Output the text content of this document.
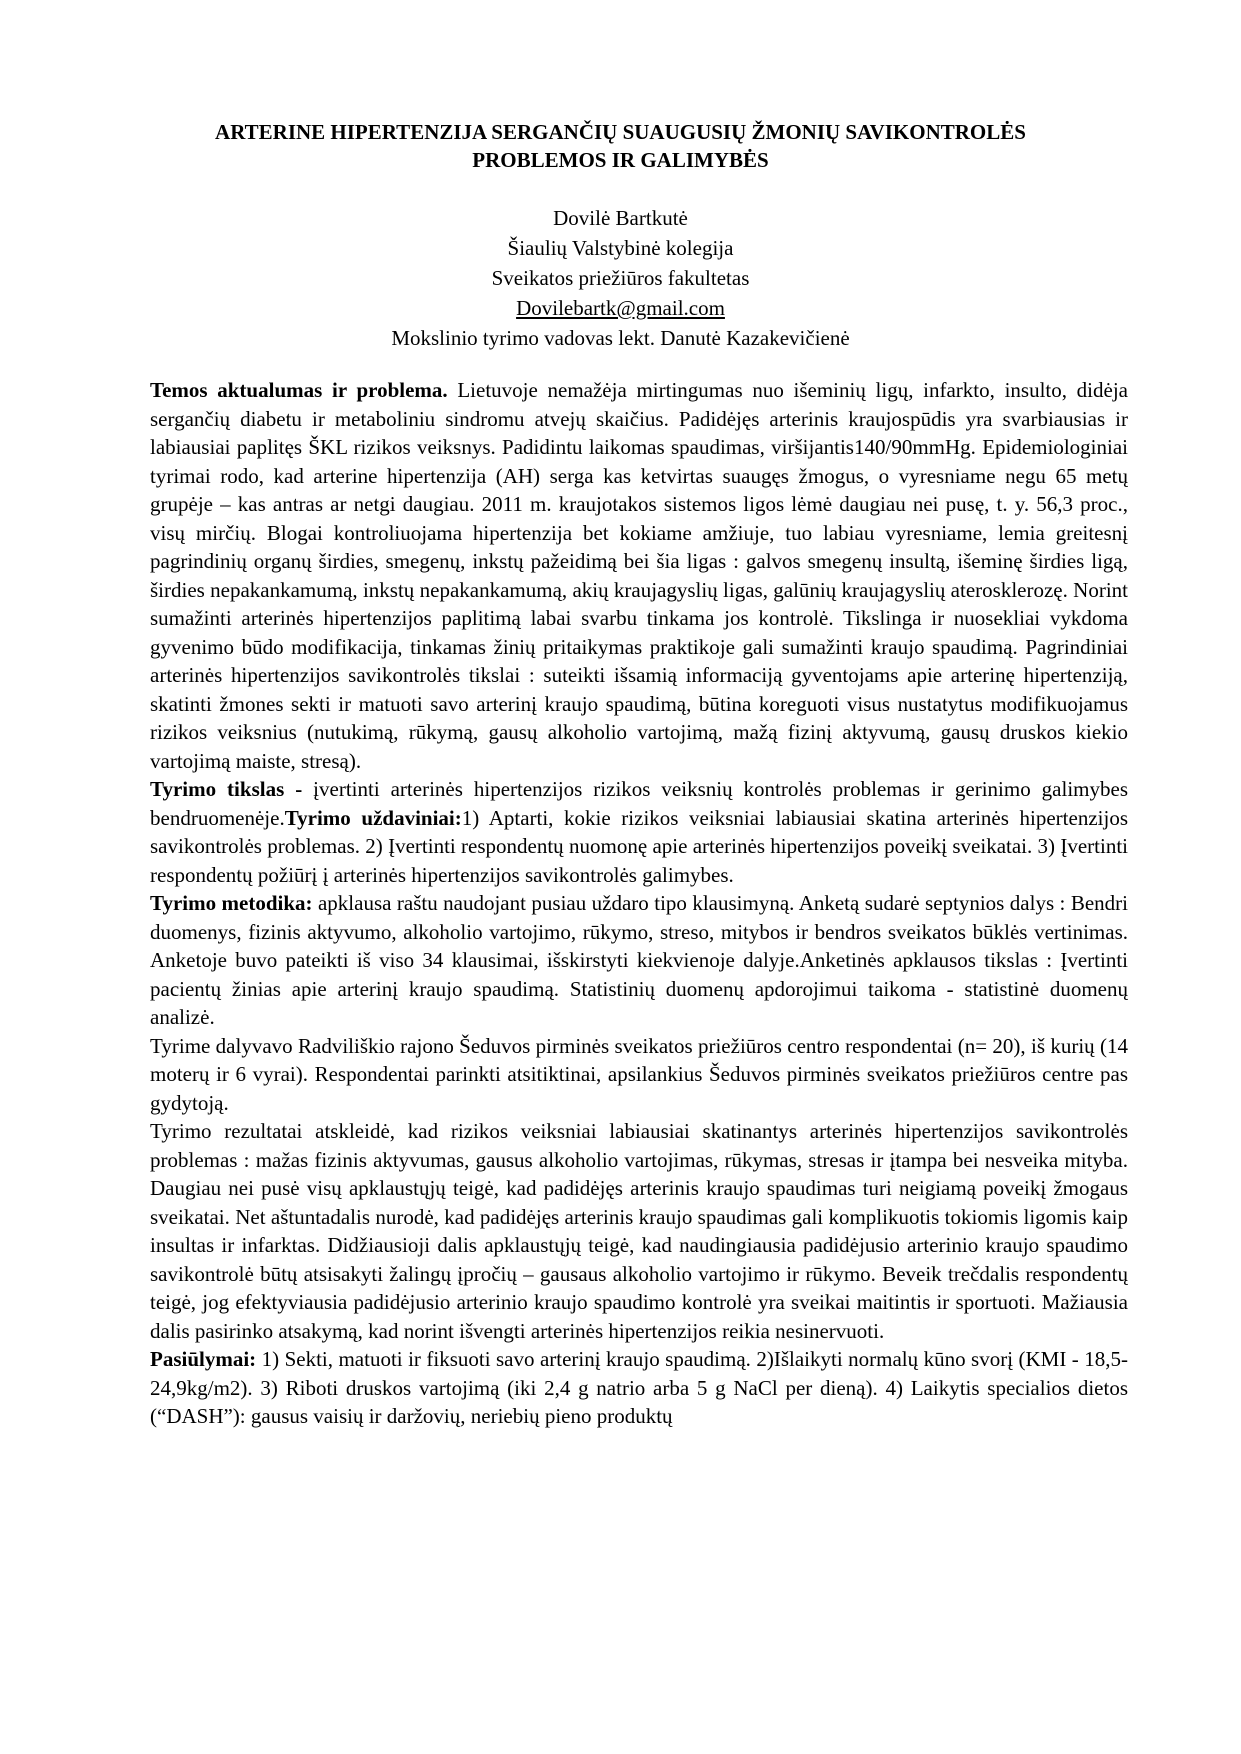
ARTERINE HIPERTENZIJA SERGANČIŲ SUAUGUSIŲ ŽMONIŲ SAVIKONTROLĖS
PROBLEMOS IR GALIMYBĖS
Dovilė Bartkutė
Šiaulių Valstybinė kolegija
Sveikatos priežiūros fakultetas
Dovilebartk@gmail.com
Mokslinio tyrimo vadovas lekt. Danutė Kazakevičienė

Temos aktualumas ir problema. Lietuvoje nemažėja mirtingumas nuo išeminių ligų, infarkto, insulto, didėja sergančių diabetu ir metaboliniu sindromu atvejų skaičius. Padidėjęs arterinis kraujospūdis yra svarbiausias ir labiausiai paplitęs ŠKL rizikos veiksnys. Padidintu laikomas spaudimas, viršijantis140/90mmHg. Epidemiologiniai tyrimai rodo, kad arterine hipertenzija (AH) serga kas ketvirtas suaugęs žmogus, o vyresniame negu 65 metų grupėje – kas antras ar netgi daugiau. 2011 m. kraujotakos sistemos ligos lėmė daugiau nei pusę, t. y. 56,3 proc., visų mirčių. Blogai kontroliuojama hipertenzija bet kokiame amžiuje, tuo labiau vyresniame, lemia greitesnį pagrindinių organų širdies, smegenų, inkstų pažeidimą bei šia ligas : galvos smegenų insultą, išeminę širdies ligą, širdies nepakankamumą, inkstų nepakankamumą, akių kraujagyslių ligas, galūnių kraujagyslių aterosklerozę. Norint sumažinti arterinės hipertenzijos paplitimą labai svarbu tinkama jos kontrolė. Tikslinga ir nuosekliai vykdoma gyvenimo būdo modifikacija, tinkamas žinių pritaikymas praktikoje gali sumažinti kraujo spaudimą. Pagrindiniai arterinės hipertenzijos savikontrolės tikslai : suteikti išsamią informaciją gyventojams apie arterinę hipertenziją, skatinti žmones sekti ir matuoti savo arterinį kraujo spaudimą, būtina koreguoti visus nustatytus modifikuojamus rizikos veiksnius (nutukimą, rūkymą, gausų alkoholio vartojimą, mažą fizinį aktyvumą, gausų druskos kiekio vartojimą maiste, stresą).

Tyrimo tikslas - įvertinti arterinės hipertenzijos rizikos veiksnių kontrolės problemas ir gerinimo galimybes bendruomenėje.Tyrimo uždaviniai:1) Aptarti, kokie rizikos veiksniai labiausiai skatina arterinės hipertenzijos savikontrolės problemas. 2) Įvertinti respondentų nuomonę apie arterinės hipertenzijos poveikį sveikatai. 3) Įvertinti respondentų požiūrį į arterinės hipertenzijos savikontrolės galimybes.

Tyrimo metodika: apklausa raštu naudojant pusiau uždaro tipo klausimyną. Anketą sudarė septynios dalys : Bendri duomenys, fizinis aktyvumo, alkoholio vartojimo, rūkymo, streso, mitybos ir bendros sveikatos būklės vertinimas. Anketoje buvo pateikti iš viso 34 klausimai, išskirstyti kiekvienoje dalyje.Anketinės apklausos tikslas : Įvertinti pacientų žinias apie arterinį kraujo spaudimą. Statistinių duomenų apdorojimui taikoma - statistinė duomenų analizė.

Tyrime dalyvavo Radviliškio rajono Šeduvos pirminės sveikatos priežiūros centro respondentai (n= 20), iš kurių (14 moterų ir 6 vyrai). Respondentai parinkti atsitiktinai, apsilankius Šeduvos pirminės sveikatos priežiūros centre pas gydytoją.

Tyrimo rezultatai atskleidė, kad rizikos veiksniai labiausiai skatinantys arterinės hipertenzijos savikontrolės problemas : mažas fizinis aktyvumas, gausus alkoholio vartojimas, rūkymas, stresas ir įtampa bei nesveika mityba. Daugiau nei pusė visų apklaustųjų teigė, kad padidėjęs arterinis kraujo spaudimas turi neigiamą poveikį žmogaus sveikatai. Net aštuntadalis nurodė, kad padidėjęs arterinis kraujo spaudimas gali komplikuotis tokiomis ligomis kaip insultas ir infarktas. Didžiausioji dalis apklaustųjų teigė, kad naudingiausia padidėjusio arterinio kraujo spaudimo savikontrolė būtų atsisakyti žalingų įpročių – gausaus alkoholio vartojimo ir rūkymo. Beveik trečdalis respondentų teigė, jog efektyviausia padidėjusio arterinio kraujo spaudimo kontrolė yra sveikai maitintis ir sportuoti. Mažiausia dalis pasirinko atsakymą, kad norint išvengti arterinės hipertenzijos reikia nesinervuoti.

Pasiūlymai: 1) Sekti, matuoti ir fiksuoti savo arterinį kraujo spaudimą. 2)Išlaikyti normalų kūno svorį (KMI - 18,5-24,9kg/m2). 3) Riboti druskos vartojimą (iki 2,4 g natrio arba 5 g NaCl per dieną). 4) Laikytis specialios dietos (“DASH”): gausus vaisių ir daržovių, neriebių pieno produktų
